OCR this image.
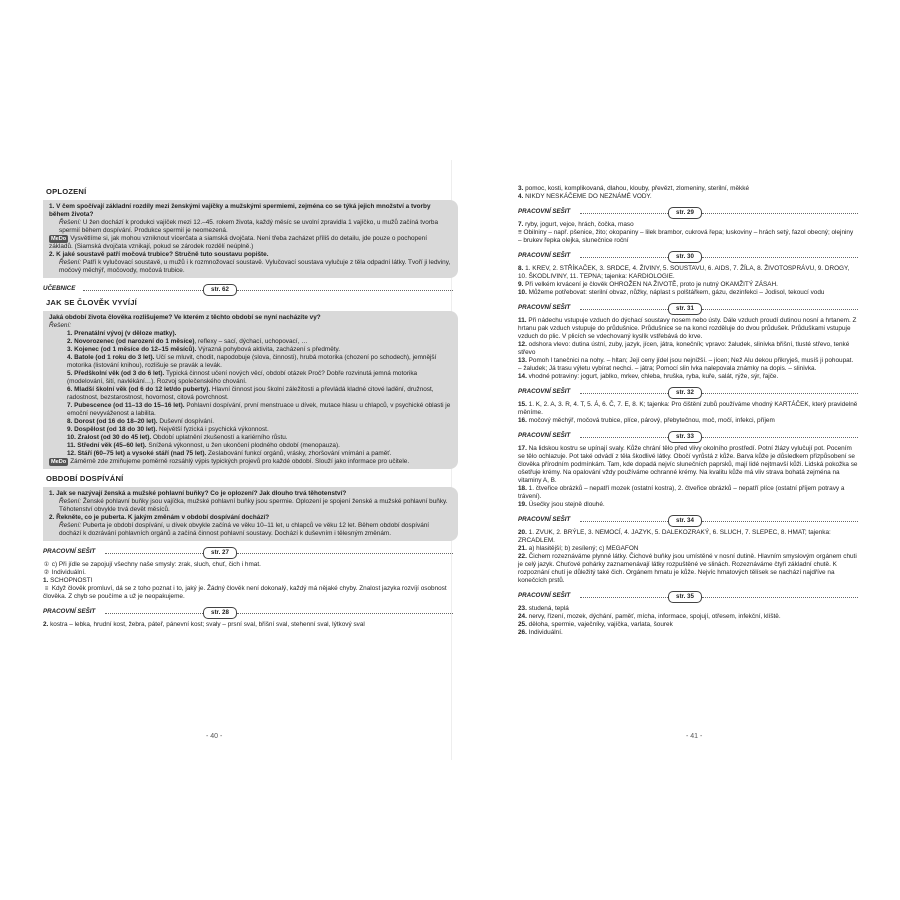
OPLOZENÍ
1. V čem spočívají základní rozdíly mezi ženskými vajíčky a mužskými spermiemi, zejména co se týká jejich množství a tvorby během života?
Řešení: U žen dochází k produkci vajíček mezi 12.–45. rokem života, každý měsíc se uvolní zpravidla 1 vajíčko, u mužů začíná tvorba spermií během dospívání. Produkce spermií je neomezená.
MeDo Vysvětlíme si, jak mohou vzniknout vícerčata a siamská dvojčata. Není třeba zacházet příliš do detailu, jde pouze o pochopení základů. (Siamská dvojčata vznikají, pokud se zárodek rozdělí neúplně.)
2. K jaké soustavě patří močová trubice? Stručně tuto soustavu popište.
Řešení: Patří k vylučovací soustavě, u mužů i k rozmnožovací soustavě. Vylučovací soustava vylučuje z těla odpadní látky. Tvoří ji ledviny, močový měchýř, močovody, močová trubice.
UČEBNICE	str. 62
JAK SE ČLOVĚK VYVÍJÍ
Jaká období života člověka rozlišujeme? Ve kterém z těchto období se nyní nacházíte vy?
Řešení:
1. Prenatální vývoj (v děloze matky).
2. Novorozenec (od narození do 1 měsíce), reflexy – sací, dýchací, uchopovací, …
3. Kojenec (od 1 měsíce do 12–15 měsíců). Výrazná pohybová aktivita, zacházení s předměty.
4. Batole (od 1 roku do 3 let). Učí se mluvit, chodit, napodobuje (slova, činnosti), hrubá motorika (chození po schodech), jemnější motorika (listování knihou), rozlišuje se pravák a levák.
5. Předškolní věk (od 3 do 6 let). Typická činnost učení nových věcí, období otázek Proč? Dobře rozvinutá jemná motorika (modelování, šití, navlékání…). Rozvoj společenského chování.
6. Mladší školní věk (od 6 do 12 let/do puberty). Hlavní činnost jsou školní záležitosti a převládá kladné citové ladění, družnost, radostnost, bezstarostnost, hovornost, citová povrchnost.
7. Pubescence (od 11–13 do 15–16 let). Pohlavní dospívání, první menstruace u dívek, mutace hlasu u chlapců, v psychické oblasti je emoční nevyváženost a labilita.
8. Dorost (od 16 do 18–20 let). Duševní dospívání.
9. Dospělost (od 18 do 30 let). Největší fyzická i psychická výkonnost.
10. Zralost (od 30 do 45 let). Období uplatnění zkušeností a kariérního růstu.
11. Střední věk (45–60 let). Snížená výkonnost, u žen ukončení plodného období (menopauza).
12. Stáří (60–75 let) a vysoké stáří (nad 75 let). Zeslabování funkcí orgánů, vrásky, zhoršování vnímání a paměť.
MeDo Záměrně zde zmiňujeme poměrně rozsáhlý výpis typických projevů pro každé období. Slouží jako informace pro učitele.
OBDOBÍ DOSPÍVÁNÍ
1. Jak se nazývají ženská a mužské pohlavní buňky? Co je oplození? Jak dlouho trvá těhotenství?
Řešení: Ženské pohlavní buňky jsou vajíčka, mužské pohlavní buňky jsou spermie. Oplození je spojení ženské a mužské pohlavní buňky. Těhotenství obvykle trvá devět měsíců.
2. Řekněte, co je puberta. K jakým změnám v období dospívání dochází?
Řešení: Puberta je období dospívání, u dívek obvykle začíná ve věku 10–11 let, u chlapců ve věku 12 let. Během období dospívání dochází k dozrávání pohlavních orgánů a začíná činnost pohlavní soustavy. Dochází k duševním i tělesným změnám.
PRACOVNÍ SEŠIT	str. 27

① c) Při jídle se zapojují všechny naše smysly: zrak, sluch, chuť, čich i hmat.

② Individuální.

1. SCHOPNOSTI

≡ Když člověk promluví, dá se z toho poznat i to, jaký je. Žádný člověk není dokonalý, každý má nějaké chyby. Znalost jazyka rozvíjí osobnost člověka. Z chyb se poučíme a už je neopakujeme.

PRACOVNÍ SEŠIT	str. 28

2. kostra – lebka, hrudní kost, žebra, páteř, pánevní kost; svaly – prsní sval, břišní sval, stehenní sval, lýtkový sval

- 40 -

3. pomoc, kosti, komplikovaná, dlahou, klouby, převězt, zlomeniny, sterilní, měkké

4. NIKDY NESKÁČEME DO NEZNÁMÉ VODY.

PRACOVNÍ SEŠIT	str. 29

7. ryby, jogurt, vejce, hrách, čočka, maso

≡ Obilniny – např. pšenice, žito; okopaniny – lilek brambor, cukrová řepa; luskoviny – hrách setý, fazol obecný; olejniny – brukev řepka olejka, slunečnice roční

PRACOVNÍ SEŠIT	str. 30

8. 1. KREV, 2. STŘÍKAČEK, 3. SRDCE, 4. ŽIVINY, 5. SOUSTAVU, 6. AIDS, 7. ŽÍLA, 8. ŽIVOTOSPRÁVU, 9. DROGY, 10. ŠKODLIVINY, 11. TEPNA; tajenka: KARDIOLOGIE.

9. Při velkém krvácení je člověk OHROŽEN NA ŽIVOTĚ, proto je nutný OKAMŽITÝ ZÁSAH.

10. Můžeme potřebovat: sterilní obvaz, nůžky, náplast s polštářkem, gázu, dezinfekci – Jodisol, tekoucí vodu

PRACOVNÍ SEŠIT	str. 31

11. Při nádechu vstupuje vzduch do dýchací soustavy nosem nebo ústy. Dále vzduch proudí dutinou nosní a hrtanem. Z hrtanu pak vzduch vstupuje do průdušnice. Průdušnice se na konci rozděluje do dvou průdušek. Průduškami vstupuje vzduch do plic. V plicích se vdechovaný kyslík vstřebává do krve.

12. odshora vlevo: dutina ústní, zuby, jazyk, jícen, játra, konečník; vpravo: žaludek, slinivka břišní, tlusté střevo, tenké střevo

13. Pomoh l tanečnici na nohy. – hltan; Její ceny jídel jsou nejnižší. – jícen; Než Alu dekou přikryješ, musíš ji pohoupat. – žaludek; Já trasu výletu vybírat nechci. – játra; Pomocí slin lvka nalepovala známky na dopis. – slinivka.

14. vhodné potraviny: jogurt, jablko, mrkev, chleba, hruška, ryba, kuře, salát, rýže, sýr, řajče.

PRACOVNÍ SEŠIT	str. 32

15. 1. K, 2. A, 3. R, 4. T, 5. Á, 6. Č, 7. E, 8. K; tajenka: Pro čištění zubů používáme vhodný KARTÁČEK, který pravidelně měníme.

16. močový měchýř, močová trubice, plíce, párový, přebytečnou, moč, močí, infekci, příjem

PRACOVNÍ SEŠIT	str. 33

17. Na lidskou kostru se upínají svaly. Kůže chrání tělo před vlivy okolního prostředí. Potní žlázy vylučují pot. Pocením se tělo ochlazuje. Pot také odvádí z těla škodlivé látky. Obočí vyrůstá z kůže. Barva kůže je důsledkem přizpůsobení se člověka přírodním podmínkám. Tam, kde dopadá nejvíc slunečních paprsků, mají lidé nejtmavší kůži. Lidská pokožka se ošetřuje krémy. Na opalování vždy používáme ochranné krémy. Na kvalitu kůže má vliv strava bohatá zejména na vitaminy A, B.

18. 1. čtveřice obrázků – nepatří mozek (ostatní kostra), 2. čtveřice obrázků – nepatří plíce (ostatní příjem potravy a trávení).

19. Úsečky jsou stejně dlouhé.

PRACOVNÍ SEŠIT	str. 34

20. 1. ZVUK, 2. BRÝLE, 3. NEMOCÍ, 4. JAZYK, 5. DALEKOZRAKÝ, 6. SLUCH, 7. SLEPEC, 8. HMAT; tajenka: ZRCADLEM.

21. a) hlasitější; b) zesílený; c) MEGAFON

22. Čichem rozeznáváme plynné látky. Čichové buňky jsou umístěné v nosní dutině. Hlavním smyslovým orgánem chuti je celý jazyk. Chuťové pohárky zaznamenávají látky rozpuštěné ve slinách. Rozeznáváme čtyři základní chutě. K rozpoznání chutí je důležitý také čich. Orgánem hmatu je kůže. Nejvíc hmatových tělísek se nachází najdříve na konečcích prstů.

PRACOVNÍ SEŠIT	str. 35

23. studená, teplá

24. nervy, řízení, mozek, dýchání, paměť, mícha, informace, spojují, otřesem, infekční, klíště.

25. děloha, spermie, vaječníky, vajíčka, varlata, šourek

26. Individuální.

- 41 -
